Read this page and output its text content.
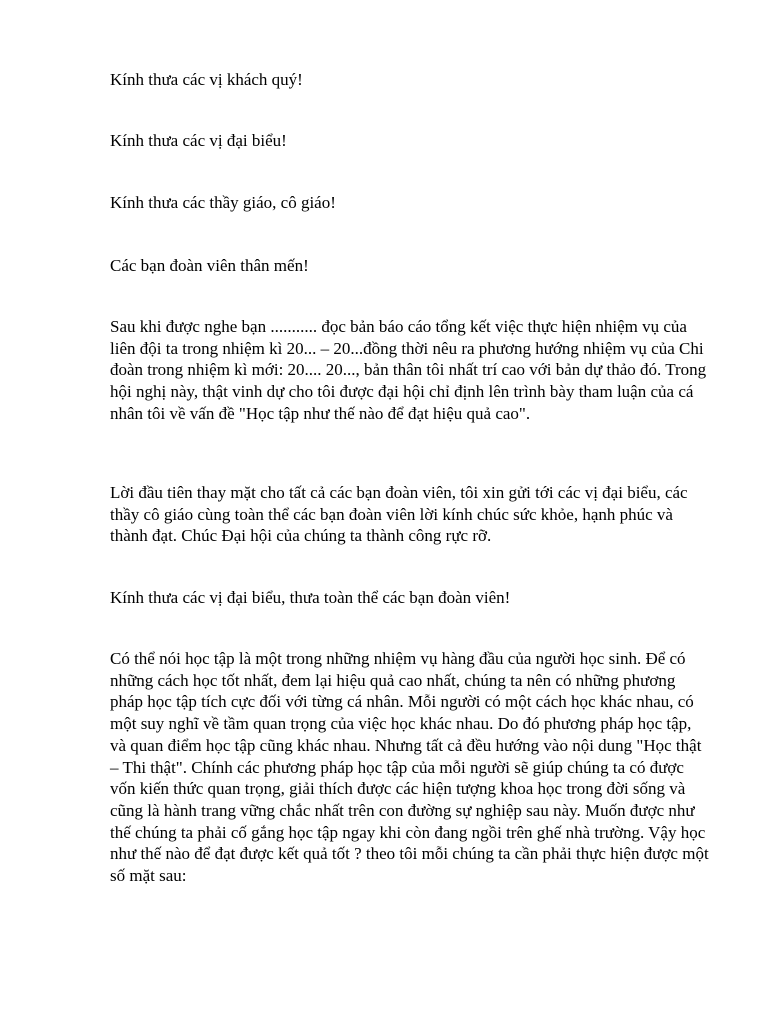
Kính thưa các vị khách quý!

Kính thưa các vị đại biểu!

Kính thưa các thầy giáo, cô giáo!

Các bạn đoàn viên thân mến!

Sau khi được nghe bạn ........... đọc bản báo cáo tổng kết việc thực hiện nhiệm vụ của liên đội ta trong nhiệm kì 20... – 20...đồng thời nêu ra phương hướng nhiệm vụ của Chi đoàn trong nhiệm kì mới: 20.... 20..., bản thân tôi nhất trí cao với bản dự thảo đó. Trong hội nghị này, thật vinh dự cho tôi được đại hội chỉ định lên trình bày tham luận của cá nhân tôi về vấn đề "Học tập như thế nào để đạt hiệu quả cao".

Lời đầu tiên thay mặt cho tất cả các bạn đoàn viên, tôi xin gửi tới các vị đại biểu, các thầy cô giáo cùng toàn thể các bạn đoàn viên lời kính chúc sức khỏe, hạnh phúc và thành đạt. Chúc Đại hội của chúng ta thành công rực rỡ.

Kính thưa các vị đại biểu, thưa toàn thể các bạn đoàn viên!

Có thể nói học tập là một trong những nhiệm vụ hàng đầu của người học sinh. Để có những cách học tốt nhất, đem lại hiệu quả cao nhất, chúng ta nên có những phương pháp học tập tích cực đối với từng cá nhân. Mỗi người có một cách học khác nhau, có một suy nghĩ về tầm quan trọng của việc học khác nhau. Do đó phương pháp học tập, và quan điểm học tập cũng khác nhau. Nhưng tất cả đều hướng vào nội dung "Học thật – Thi thật". Chính các phương pháp học tập của mỗi người sẽ giúp chúng ta có được vốn kiến thức quan trọng, giải thích được các hiện tượng khoa học trong đời sống và cũng là hành trang vững chắc nhất trên con đường sự nghiệp sau này. Muốn được như thế chúng ta phải cố gắng học tập ngay khi còn đang ngồi trên ghế nhà trường. Vậy học như thế nào để đạt được kết quả tốt ? theo tôi mỗi chúng ta cần phải thực hiện được một số mặt sau:
